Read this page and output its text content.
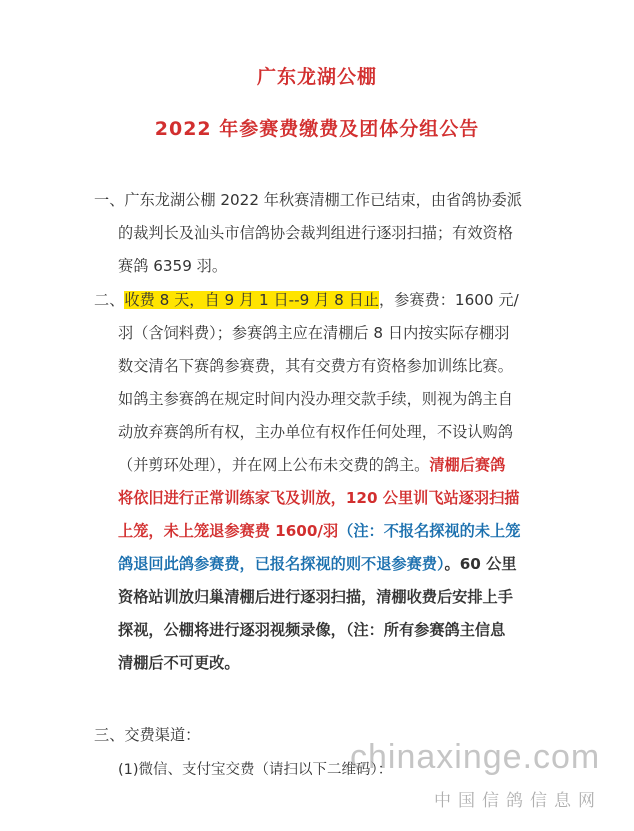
广东龙湖公棚
2022 年参赛费缴费及团体分组公告
一、广东龙湖公棚 2022 年秋赛清棚工作已结束，由省鸽协委派

的裁判长及汕头市信鸽协会裁判组进行逐羽扫描；有效资格
赛鸽 6359 羽。
二、收费 8 天，自 9 月 1 日--9 月 8 日止，参赛费：1600 元/
羽（含饲料费）；参赛鸽主应在清棚后 8 日内按实际存棚羽
数交清名下赛鸽参赛费，其有交费方有资格参加训练比赛。
如鸽主参赛鸽在规定时间内没办理交款手续，则视为鸽主自
动放弃赛鸽所有权，主办单位有权作任何处理，不设认购鸽
（并剪环处理），并在网上公布未交费的鸽主。清棚后赛鸽
将依旧进行正常训练家飞及训放，120 公里训飞站逐羽扫描
上笼，未上笼退参赛费 1600/羽（注：不报名探视的未上笼
鸽退回此鸽参赛费，已报名探视的则不退参赛费）。60 公里
资格站训放归巢清棚后进行逐羽扫描，清棚收费后安排上手
探视，公棚将进行逐羽视频录像，（注：所有参赛鸽主信息
清棚后不可更改。
三、交费渠道：
(1)微信、支付宝交费（请扫以下二维码）：
chinaxinge.com
中国信鸽信息网
